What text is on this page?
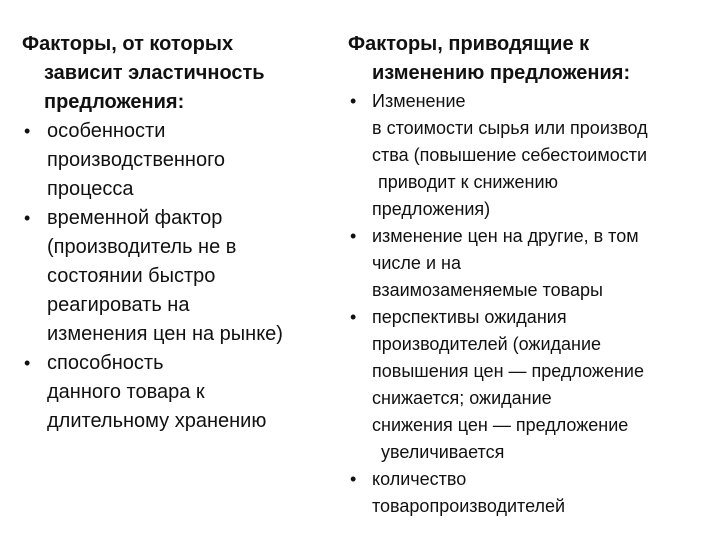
Факторы, от которых
зависит эластичность
предложения:
• особенности
производственного
процесса
• временной фактор
(производитель не в
состоянии быстро
реагировать на
изменения цен на рынке)
• способность
данного товара к
длительному хранению
Факторы, приводящие к
изменению предложения:
• Изменение
в стоимости сырья или производ
ства (повышение себестоимости
приводит к снижению
предложения)
• изменение цен на другие, в том
числе и на
взаимозаменяемые товары
• перспективы ожидания
производителей (ожидание
повышения цен — предложение
снижается; ожидание
снижения цен — предложение
увеличивается
• количество
товаропроизводителей
